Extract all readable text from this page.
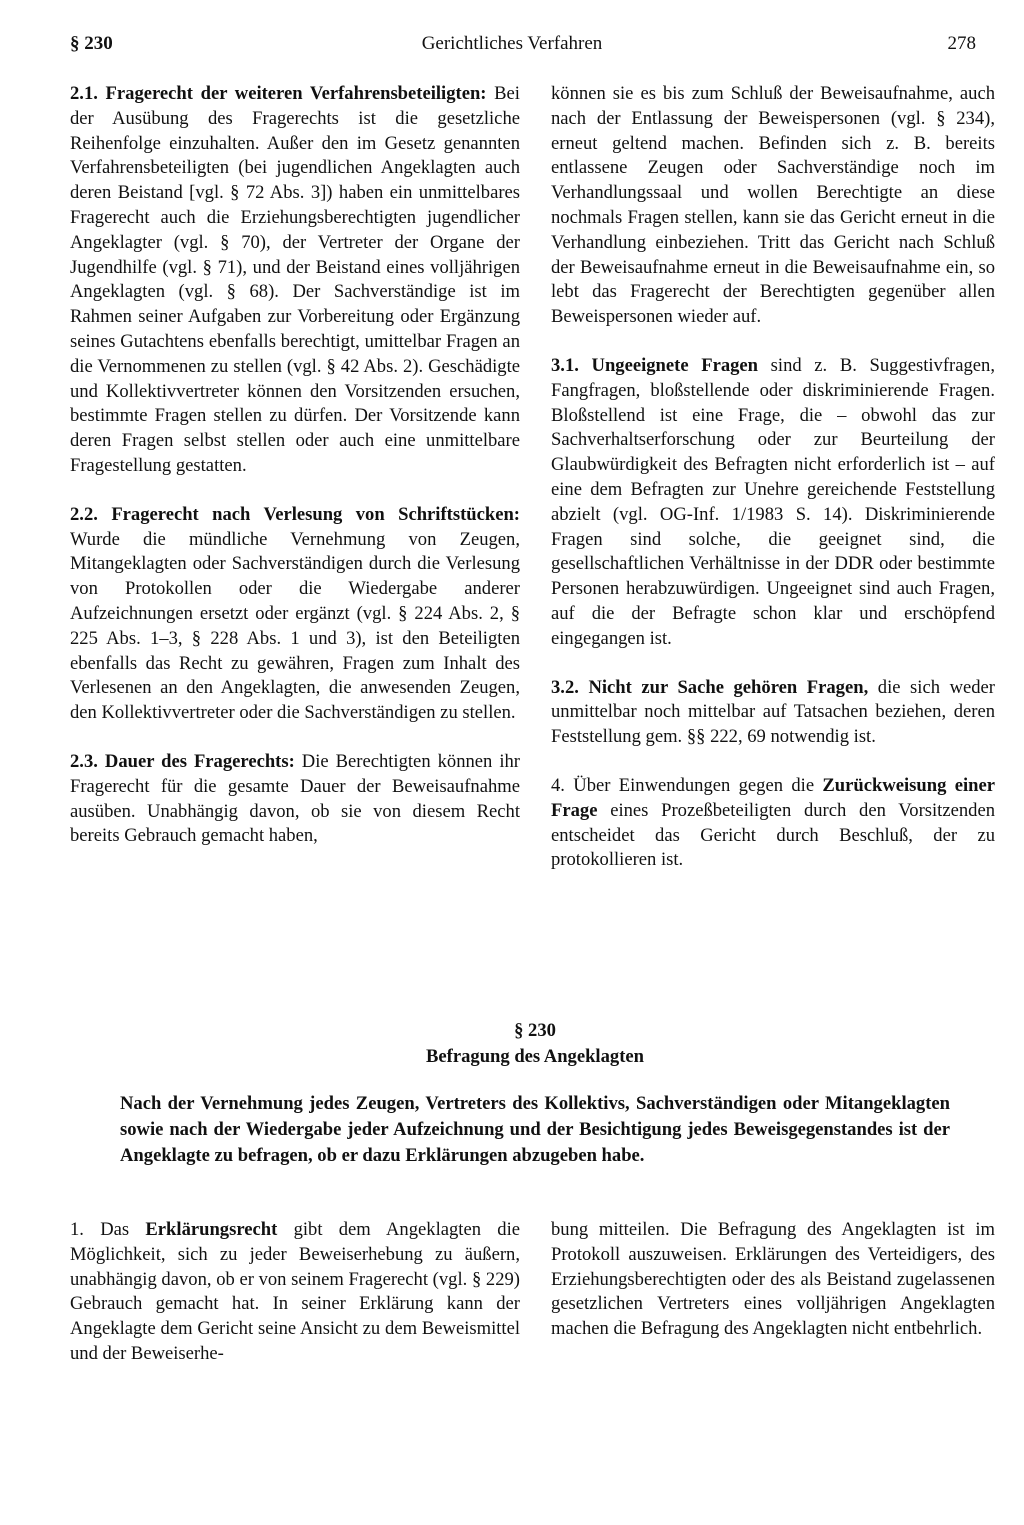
§ 230	Gerichtliches Verfahren	278

2.1. Fragerecht der weiteren Verfahrensbeteiligten: Bei der Ausübung des Fragerechts ist die gesetzliche Reihenfolge einzuhalten. Außer den im Gesetz genannten Verfahrensbeteiligten (bei jugendlichen Angeklagten auch deren Beistand [vgl. § 72 Abs. 3]) haben ein unmittelbares Fragerecht auch die Erziehungsberechtigten jugendlicher Angeklagter (vgl. § 70), der Vertreter der Organe der Jugendhilfe (vgl. § 71), und der Beistand eines volljährigen Angeklagten (vgl. § 68). Der Sachverständige ist im Rahmen seiner Aufgaben zur Vorbereitung oder Ergänzung seines Gutachtens ebenfalls berechtigt, umittelbar Fragen an die Vernommenen zu stellen (vgl. § 42 Abs. 2). Geschädigte und Kollektivvertreter können den Vorsitzenden ersuchen, bestimmte Fragen stellen zu dürfen. Der Vorsitzende kann deren Fragen selbst stellen oder auch eine unmittelbare Fragestellung gestatten.

2.2. Fragerecht nach Verlesung von Schriftstücken: Wurde die mündliche Vernehmung von Zeugen, Mitangeklagten oder Sachverständigen durch die Verlesung von Protokollen oder die Wiedergabe anderer Aufzeichnungen ersetzt oder ergänzt (vgl. § 224 Abs. 2, § 225 Abs. 1–3, § 228 Abs. 1 und 3), ist den Beteiligten ebenfalls das Recht zu gewähren, Fragen zum Inhalt des Verlesenen an den Angeklagten, die anwesenden Zeugen, den Kollektivvertreter oder die Sachverständigen zu stellen.

2.3. Dauer des Fragerechts: Die Berechtigten können ihr Fragerecht für die gesamte Dauer der Beweisaufnahme ausüben. Unabhängig davon, ob sie von diesem Recht bereits Gebrauch gemacht haben,

können sie es bis zum Schluß der Beweisaufnahme, auch nach der Entlassung der Beweispersonen (vgl. § 234), erneut geltend machen. Befinden sich z. B. bereits entlassene Zeugen oder Sachverständige noch im Verhandlungssaal und wollen Berechtigte an diese nochmals Fragen stellen, kann sie das Gericht erneut in die Verhandlung einbeziehen. Tritt das Gericht nach Schluß der Beweisaufnahme erneut in die Beweisaufnahme ein, so lebt das Fragerecht der Berechtigten gegenüber allen Beweispersonen wieder auf.

3.1. Ungeeignete Fragen sind z. B. Suggestivfragen, Fangfragen, bloßstellende oder diskriminierende Fragen. Bloßstellend ist eine Frage, die – obwohl das zur Sachverhaltserforschung oder zur Beurteilung der Glaubwürdigkeit des Befragten nicht erforderlich ist – auf eine dem Befragten zur Unehre gereichende Feststellung abzielt (vgl. OG-Inf. 1/1983 S. 14). Diskriminierende Fragen sind solche, die geeignet sind, die gesellschaftlichen Verhältnisse in der DDR oder bestimmte Personen herabzuwürdigen. Ungeeignet sind auch Fragen, auf die der Befragte schon klar und erschöpfend eingegangen ist.

3.2. Nicht zur Sache gehören Fragen, die sich weder unmittelbar noch mittelbar auf Tatsachen beziehen, deren Feststellung gem. §§ 222, 69 notwendig ist.

4. Über Einwendungen gegen die Zurückweisung einer Frage eines Prozeßbeteiligten durch den Vorsitzenden entscheidet das Gericht durch Beschluß, der zu protokollieren ist.

§ 230
Befragung des Angeklagten
Nach der Vernehmung jedes Zeugen, Vertreters des Kollektivs, Sachverständigen oder Mitangeklagten sowie nach der Wiedergabe jeder Aufzeichnung und der Besichtigung jedes Beweisgegenstandes ist der Angeklagte zu befragen, ob er dazu Erklärungen abzugeben habe.

1. Das Erklärungsrecht gibt dem Angeklagten die Möglichkeit, sich zu jeder Beweiserhebung zu äußern, unabhängig davon, ob er von seinem Fragerecht (vgl. § 229) Gebrauch gemacht hat. In seiner Erklärung kann der Angeklagte dem Gericht seine Ansicht zu dem Beweismittel und der Beweiserhe-

bung mitteilen. Die Befragung des Angeklagten ist im Protokoll auszuweisen. Erklärungen des Verteidigers, des Erziehungsberechtigten oder des als Beistand zugelassenen gesetzlichen Vertreters eines volljährigen Angeklagten machen die Befragung des Angeklagten nicht entbehrlich.
